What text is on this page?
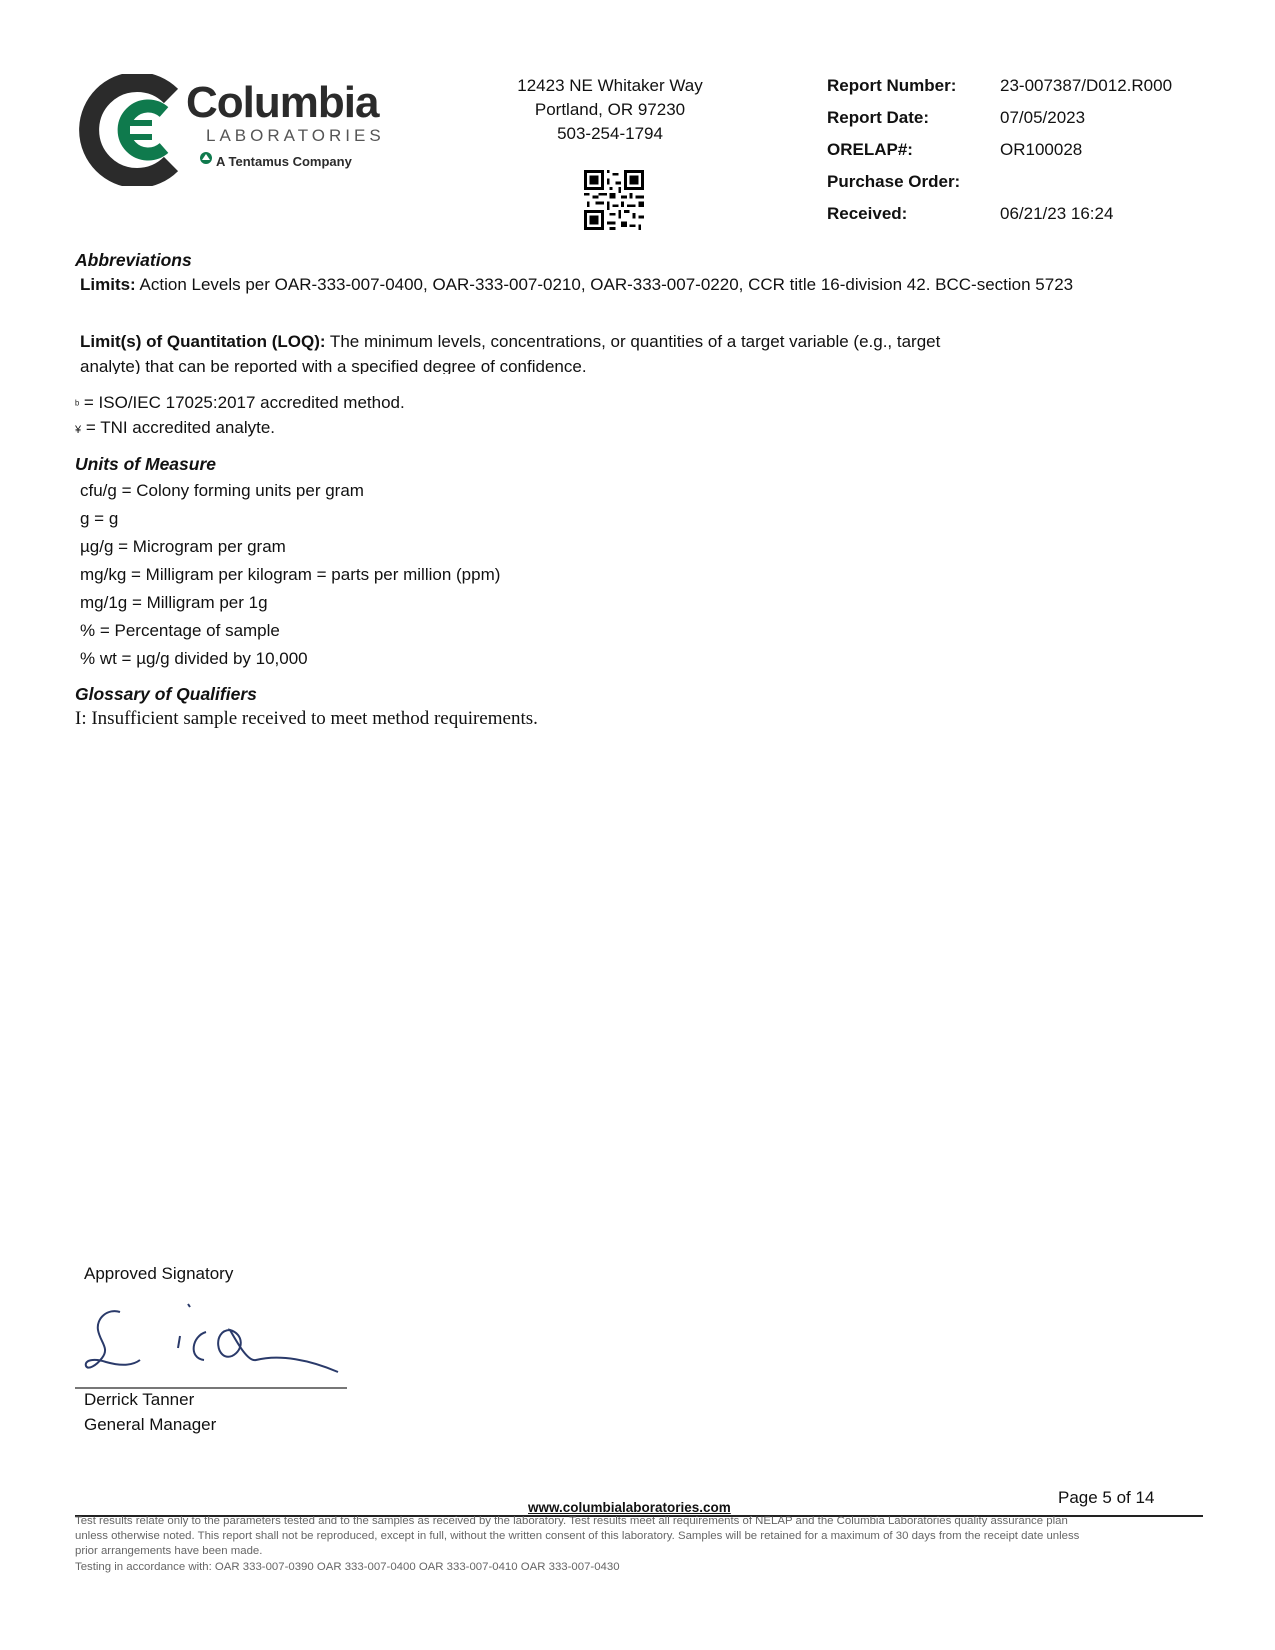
Columbia
LABORATORIES
A Tentamus Company
12423 NE Whitaker Way
Portland, OR 97230
503-254-1794
Report Number:	23-007387/D012.R000
Report Date:	07/05/2023
ORELAP#:	OR100028
Purchase Order:
Received:	06/21/23 16:24
Abbreviations
Limits: Action Levels per OAR-333-007-0400, OAR-333-007-0210, OAR-333-007-0220, CCR title 16-division 42. BCC-section 5723
Limit(s) of Quantitation (LOQ): The minimum levels, concentrations, or quantities of a target variable (e.g., target
analyte) that can be reported with a specified degree of confidence.
ᵇ = ISO/IEC 17025:2017 accredited method.
¥ = TNI accredited analyte.
Units of Measure
cfu/g = Colony forming units per gram
g = g
µg/g = Microgram per gram
mg/kg = Milligram per kilogram = parts per million (ppm)
mg/1g = Milligram per 1g
% = Percentage of sample
% wt = µg/g divided by 10,000
Glossary of Qualifiers
I: Insufficient sample received to meet method requirements.
Approved Signatory
Derrick Tanner
General Manager
Page 5 of 14
www.columbialaboratories.com
Test results relate only to the parameters tested and to the samples as received by the laboratory. Test results meet all requirements of NELAP and the Columbia Laboratories quality assurance plan
unless otherwise noted. This report shall not be reproduced, except in full, without the written consent of this laboratory. Samples will be retained for a maximum of 30 days from the receipt date unless
prior arrangements have been made.
Testing in accordance with: OAR 333-007-0390 OAR 333-007-0400 OAR 333-007-0410 OAR 333-007-0430
